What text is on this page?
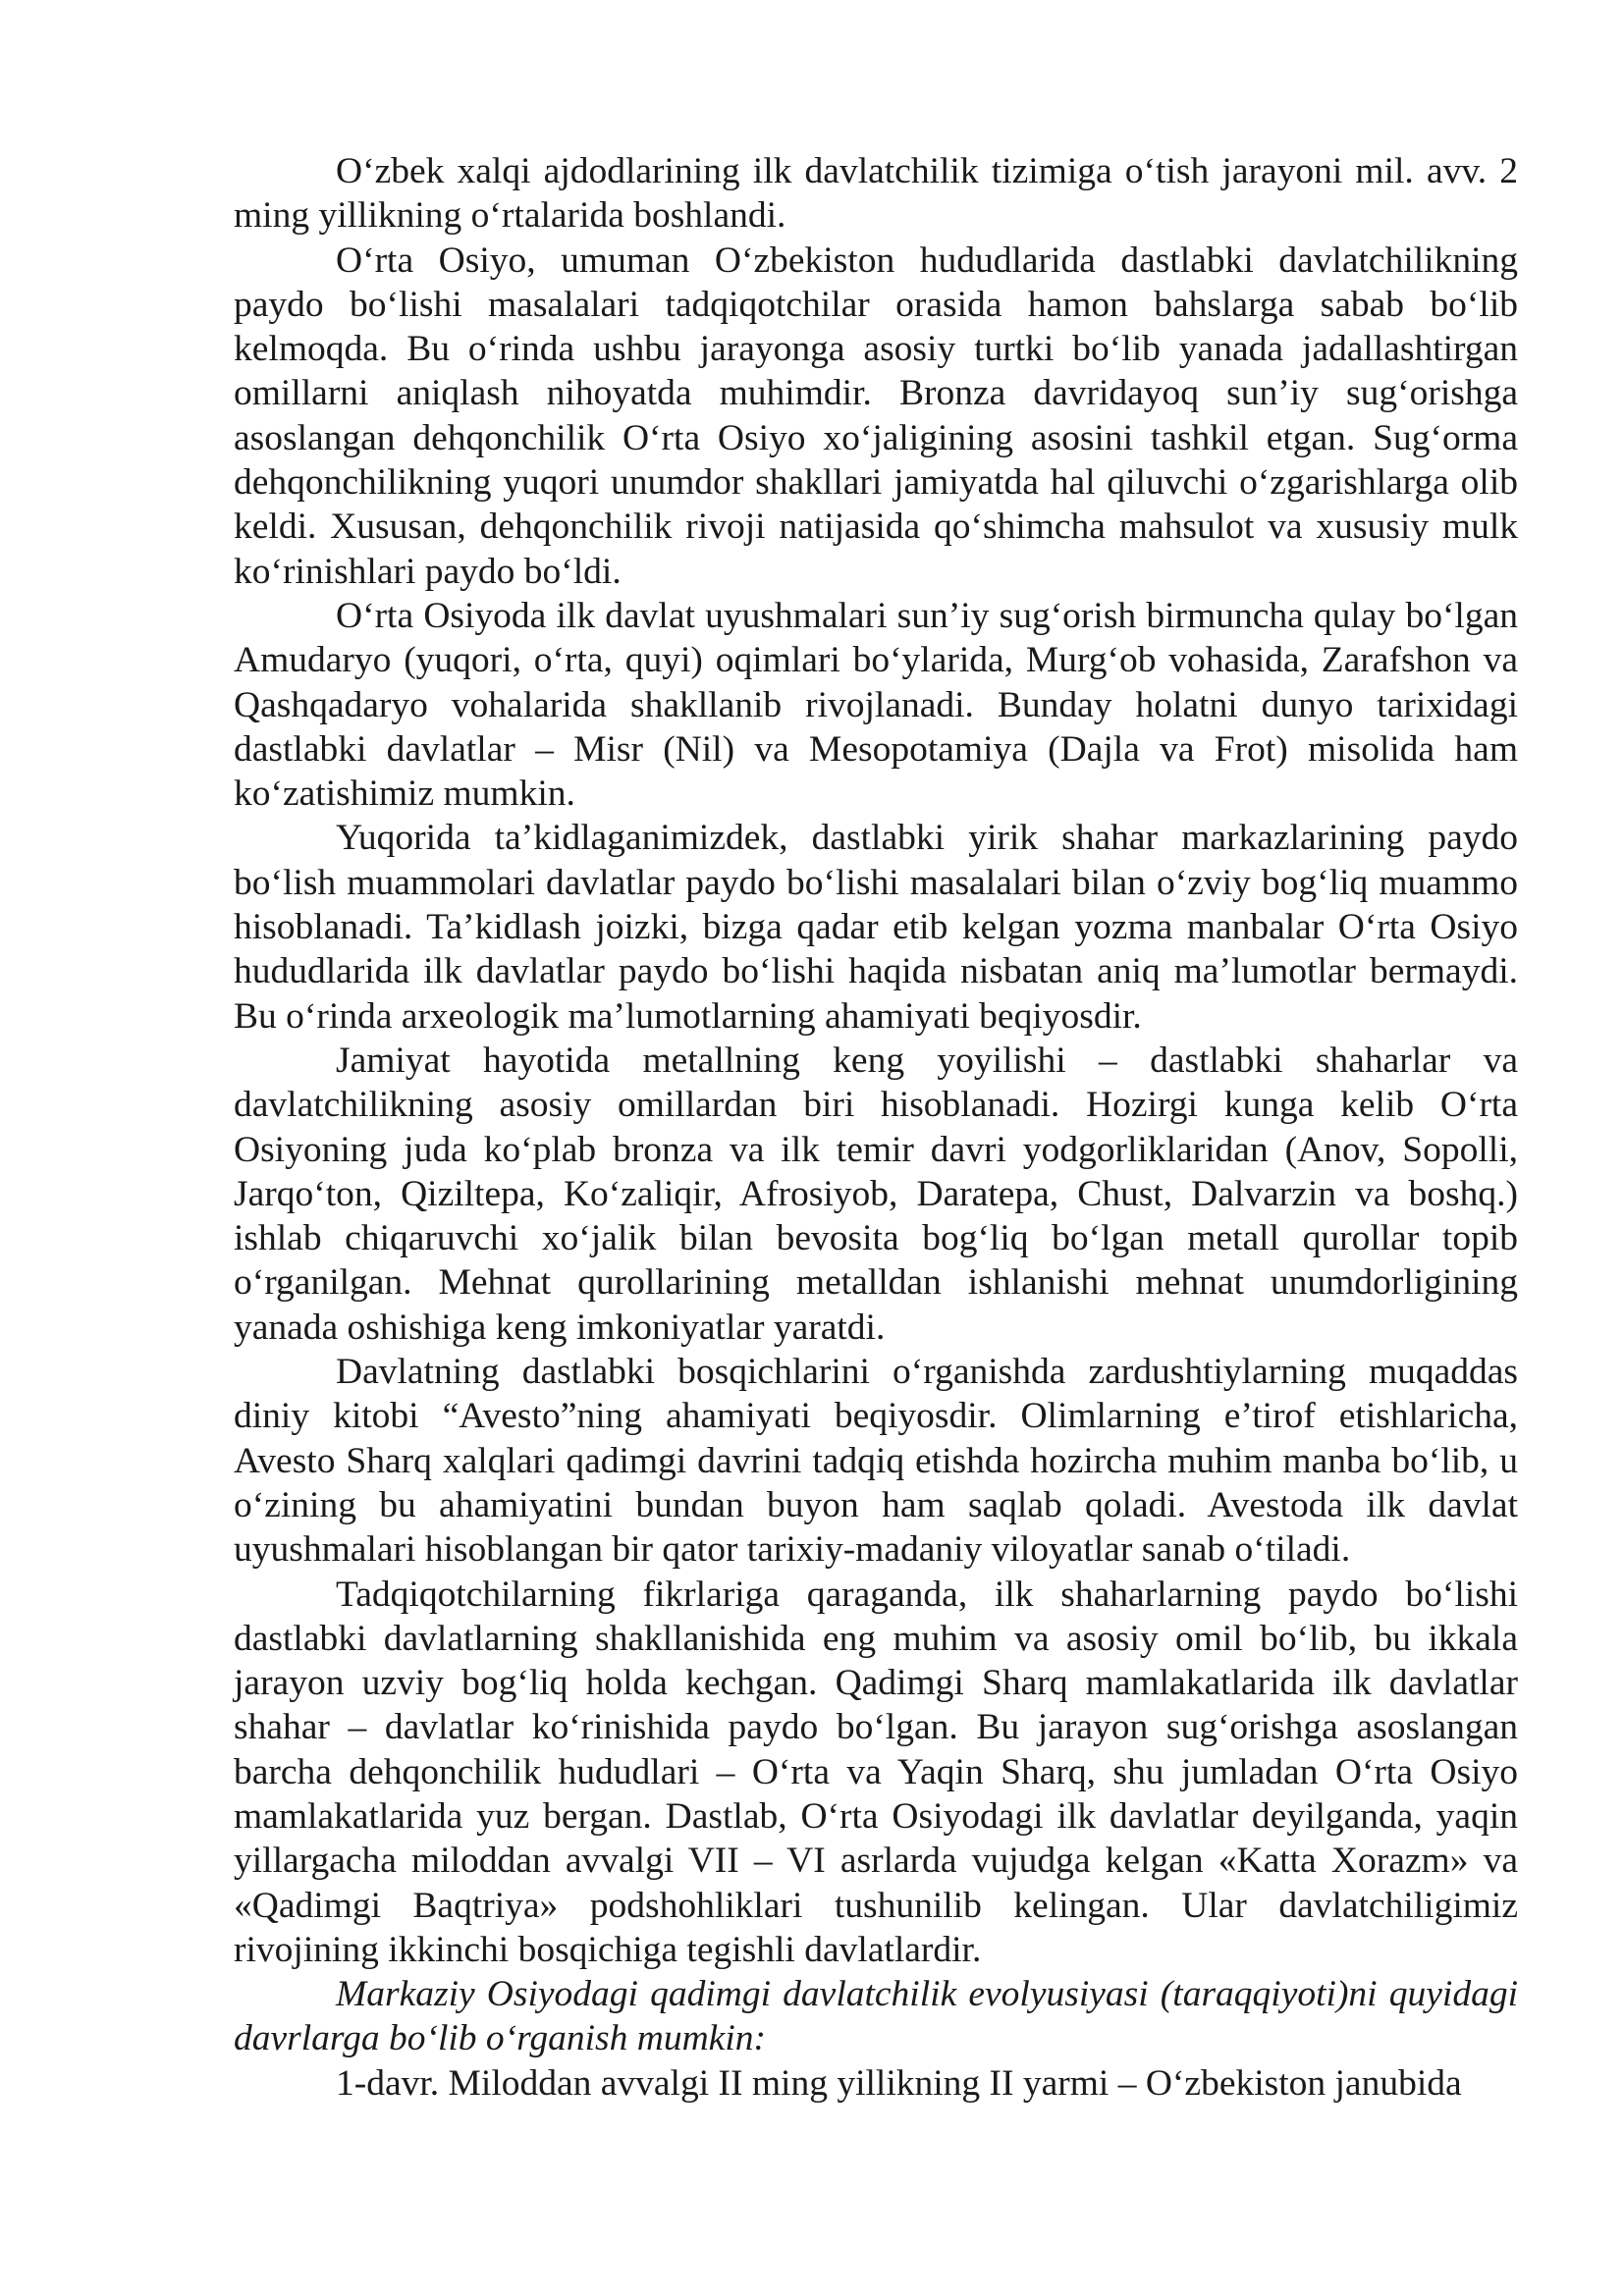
O‘zbek xalqi ajdodlarining ilk davlatchilik tizimiga o‘tish jarayoni mil. avv. 2 ming yillikning o‘rtalarida boshlandi.

O‘rta Osiyo, umuman O‘zbekiston hududlarida dastlabki davlatchilikning paydo bo‘lishi masalalari tadqiqotchilar orasida hamon bahslarga sabab bo‘lib kelmoqda. Bu o‘rinda ushbu jarayonga asosiy turtki bo‘lib yanada jadallashtirgan omillarni aniqlash nihoyatda muhimdir. Bronza davridayoq sun’iy sug‘orishga asoslangan dehqonchilik O‘rta Osiyo xo‘jaligining asosini tashkil etgan. Sug‘orma dehqonchilikning yuqori unumdor shakllari jamiyatda hal qiluvchi o‘zgarishlarga olib keldi. Xususan, dehqonchilik rivoji natijasida qo‘shimcha mahsulot va xususiy mulk ko‘rinishlari paydo bo‘ldi.

O‘rta Osiyoda ilk davlat uyushmalari sun’iy sug‘orish birmuncha qulay bo‘lgan Amudaryo (yuqori, o‘rta, quyi) oqimlari bo‘ylarida, Murg‘ob vohasida, Zarafshon va Qashqadaryo vohalarida shakllanib rivojlanadi. Bunday holatni dunyo tarixidagi dastlabki davlatlar – Misr (Nil) va Mesopotamiya (Dajla va Frot) misolida ham ko‘zatishimiz mumkin.

Yuqorida ta’kidlaganimizdek, dastlabki yirik shahar markazlarining paydo bo‘lish muammolari davlatlar paydo bo‘lishi masalalari bilan o‘zviy bog‘liq muammo hisoblanadi. Ta’kidlash joizki, bizga qadar etib kelgan yozma manbalar O‘rta Osiyo hududlarida ilk davlatlar paydo bo‘lishi haqida nisbatan aniq ma’lumotlar bermaydi. Bu o‘rinda arxeologik ma’lumotlarning ahamiyati beqiyosdir.

Jamiyat hayotida metallning keng yoyilishi – dastlabki shaharlar va davlatchilikning asosiy omillardan biri hisoblanadi. Hozirgi kunga kelib O‘rta Osiyoning juda ko‘plab bronza va ilk temir davri yodgorliklaridan (Anov, Sopolli, Jarqo‘ton, Qiziltepa, Ko‘zaliqir, Afrosiyob, Daratepa, Chust, Dalvarzin va boshq.) ishlab chiqaruvchi xo‘jalik bilan bevosita bog‘liq bo‘lgan metall qurollar topib o‘rganilgan. Mehnat qurollarining metalldan ishlanishi mehnat unumdorligining yanada oshishiga keng imkoniyatlar yaratdi.

Davlatning dastlabki bosqichlarini o‘rganishda zardushtiylarning muqaddas diniy kitobi “Avesto”ning ahamiyati beqiyosdir. Olimlarning e’tirof etishlaricha, Avesto Sharq xalqlari qadimgi davrini tadqiq etishda hozircha muhim manba bo‘lib, u o‘zining bu ahamiyatini bundan buyon ham saqlab qoladi. Avestoda ilk davlat uyushmalari hisoblangan bir qator tarixiy-madaniy viloyatlar sanab o‘tiladi.

Tadqiqotchilarning fikrlariga qaraganda, ilk shaharlarning paydo bo‘lishi dastlabki davlatlarning shakllanishida eng muhim va asosiy omil bo‘lib, bu ikkala jarayon uzviy bog‘liq holda kechgan. Qadimgi Sharq mamlakatlarida ilk davlatlar shahar – davlatlar ko‘rinishida paydo bo‘lgan. Bu jarayon sug‘orishga asoslangan barcha dehqonchilik hududlari – O‘rta va Yaqin Sharq, shu jumladan O‘rta Osiyo mamlakatlarida yuz bergan. Dastlab, O‘rta Osiyodagi ilk davlatlar deyilganda, yaqin yillargacha miloddan avvalgi VII – VI asrlarda vujudga kelgan «Katta Xorazm» va «Qadimgi Baqtriya» podshohliklari tushunilib kelingan. Ular davlatchiligimiz rivojining ikkinchi bosqichiga tegishli davlatlardir.

Markaziy Osiyodagi qadimgi davlatchilik evolyusiyasi (taraqqiyoti)ni quyidagi davrlarga bo‘lib o‘rganish mumkin:

1-davr. Miloddan avvalgi II ming yillikning II yarmi – O‘zbekiston janubida
